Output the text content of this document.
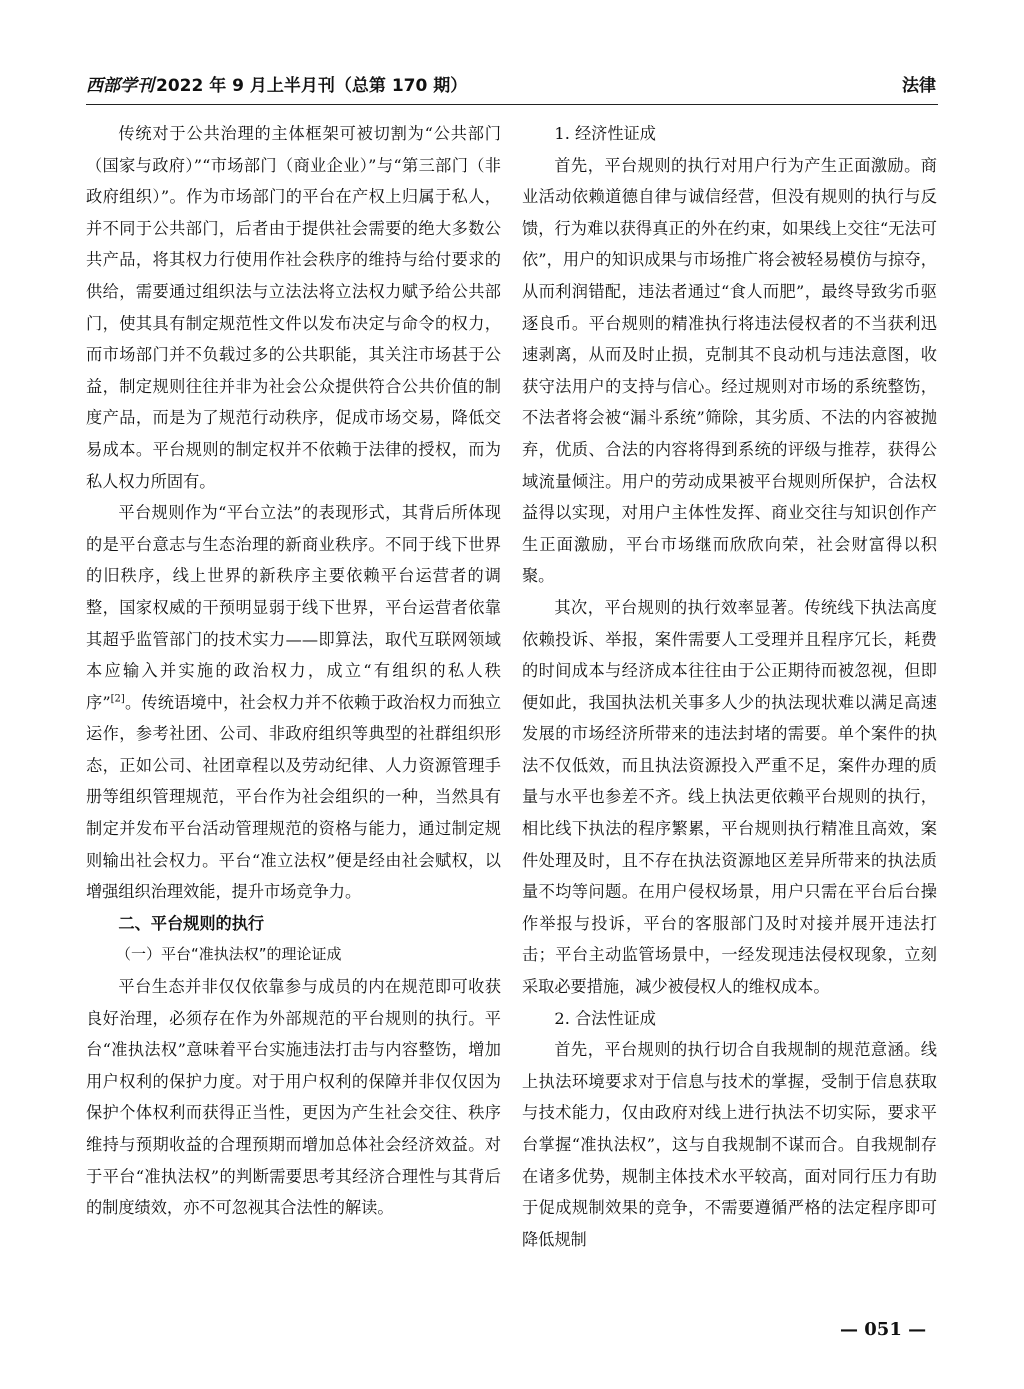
西部学刊 2022 年 9 月上半月刊（总第 170 期）	法律

传统对于公共治理的主体框架可被切割为“公共部门（国家与政府）”“市场部门（商业企业）”与“第三部门（非政府组织）”。作为市场部门的平台在产权上归属于私人，并不同于公共部门，后者由于提供社会需要的绝大多数公共产品，将其权力行使用作社会秩序的维持与给付要求的供给，需要通过组织法与立法法将立法权力赋予给公共部门，使其具有制定规范性文件以发布决定与命令的权力，而市场部门并不负载过多的公共职能，其关注市场甚于公益，制定规则往往并非为社会公众提供符合公共价值的制度产品，而是为了规范行动秩序，促成市场交易，降低交易成本。平台规则的制定权并不依赖于法律的授权，而为私人权力所固有。

平台规则作为“平台立法”的表现形式，其背后所体现的是平台意志与生态治理的新商业秩序。不同于线下世界的旧秩序，线上世界的新秩序主要依赖平台运营者的调整，国家权威的干预明显弱于线下世界，平台运营者依靠其超乎监管部门的技术实力——即算法，取代互联网领域本应输入并实施的政治权力，成立“有组织的私人秩序”[2]。传统语境中，社会权力并不依赖于政治权力而独立运作，参考社团、公司、非政府组织等典型的社群组织形态，正如公司、社团章程以及劳动纪律、人力资源管理手册等组织管理规范，平台作为社会组织的一种，当然具有制定并发布平台活动管理规范的资格与能力，通过制定规则输出社会权力。平台“准立法权”便是经由社会赋权，以增强组织治理效能，提升市场竞争力。

二、平台规则的执行

（一）平台“准执法权”的理论证成

平台生态并非仅仅依靠参与成员的内在规范即可收获良好治理，必须存在作为外部规范的平台规则的执行。平台“准执法权”意味着平台实施违法打击与内容整饬，增加用户权利的保护力度。对于用户权利的保障并非仅仅因为保护个体权利而获得正当性，更因为产生社会交往、秩序维持与预期收益的合理预期而增加总体社会经济效益。对于平台“准执法权”的判断需要思考其经济合理性与其背后的制度绩效，亦不可忽视其合法性的解读。

1. 经济性证成

首先，平台规则的执行对用户行为产生正面激励。商业活动依赖道德自律与诚信经营，但没有规则的执行与反馈，行为难以获得真正的外在约束，如果线上交往“无法可依”，用户的知识成果与市场推广将会被轻易模仿与掠夺，从而利润错配，违法者通过“食人而肥”，最终导致劣币驱逐良币。平台规则的精准执行将违法侵权者的不当获利迅速剥离，从而及时止损，克制其不良动机与违法意图，收获守法用户的支持与信心。经过规则对市场的系统整饬，不法者将会被“漏斗系统”筛除，其劣质、不法的内容被抛弃，优质、合法的内容将得到系统的评级与推荐，获得公域流量倾注。用户的劳动成果被平台规则所保护，合法权益得以实现，对用户主体性发挥、商业交往与知识创作产生正面激励，平台市场继而欣欣向荣，社会财富得以积聚。

其次，平台规则的执行效率显著。传统线下执法高度依赖投诉、举报，案件需要人工受理并且程序冗长，耗费的时间成本与经济成本往往由于公正期待而被忽视，但即便如此，我国执法机关事多人少的执法现状难以满足高速发展的市场经济所带来的违法封堵的需要。单个案件的执法不仅低效，而且执法资源投入严重不足，案件办理的质量与水平也参差不齐。线上执法更依赖平台规则的执行，相比线下执法的程序繁累，平台规则执行精准且高效，案件处理及时，且不存在执法资源地区差异所带来的执法质量不均等问题。在用户侵权场景，用户只需在平台后台操作举报与投诉，平台的客服部门及时对接并展开违法打击；平台主动监管场景中，一经发现违法侵权现象，立刻采取必要措施，减少被侵权人的维权成本。

2. 合法性证成

首先，平台规则的执行切合自我规制的规范意涵。线上执法环境要求对于信息与技术的掌握，受制于信息获取与技术能力，仅由政府对线上进行执法不切实际，要求平台掌握“准执法权”，这与自我规制不谋而合。自我规制存在诸多优势，规制主体技术水平较高，面对同行压力有助于促成规制效果的竞争，不需要遵循严格的法定程序即可降低规制

— 051 —
